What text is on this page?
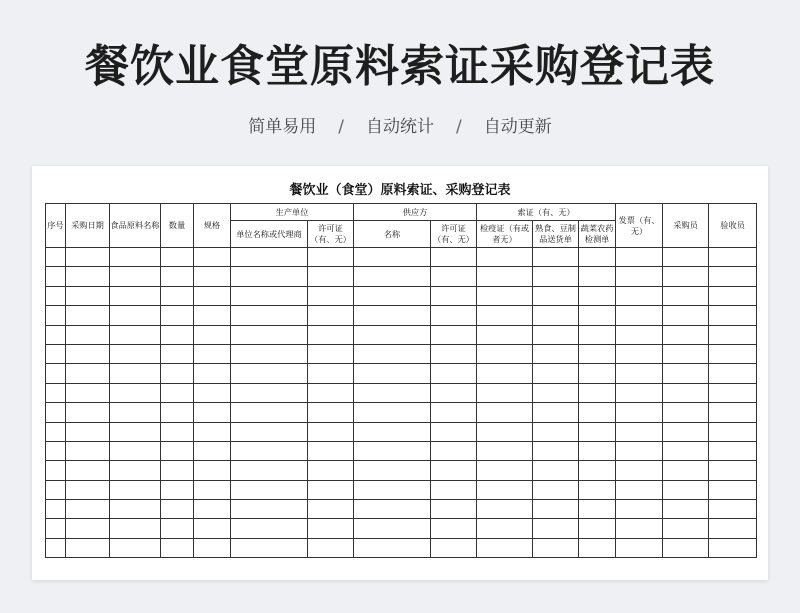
餐饮业食堂原料索证采购登记表
简单易用 / 自动统计 / 自动更新
餐饮业（食堂）原料索证、采购登记表
序号	采购日期	食品原料名称	数量	规格	生产单位		供应方		索证（有、无）			发票（有、无）	采购员	验收员
					单位名称或代理商	许可证（有、无）	名称	许可证（有、无）	检疫证（有或者无）	熟食、豆制品送货单	蔬菜农药检测单			
